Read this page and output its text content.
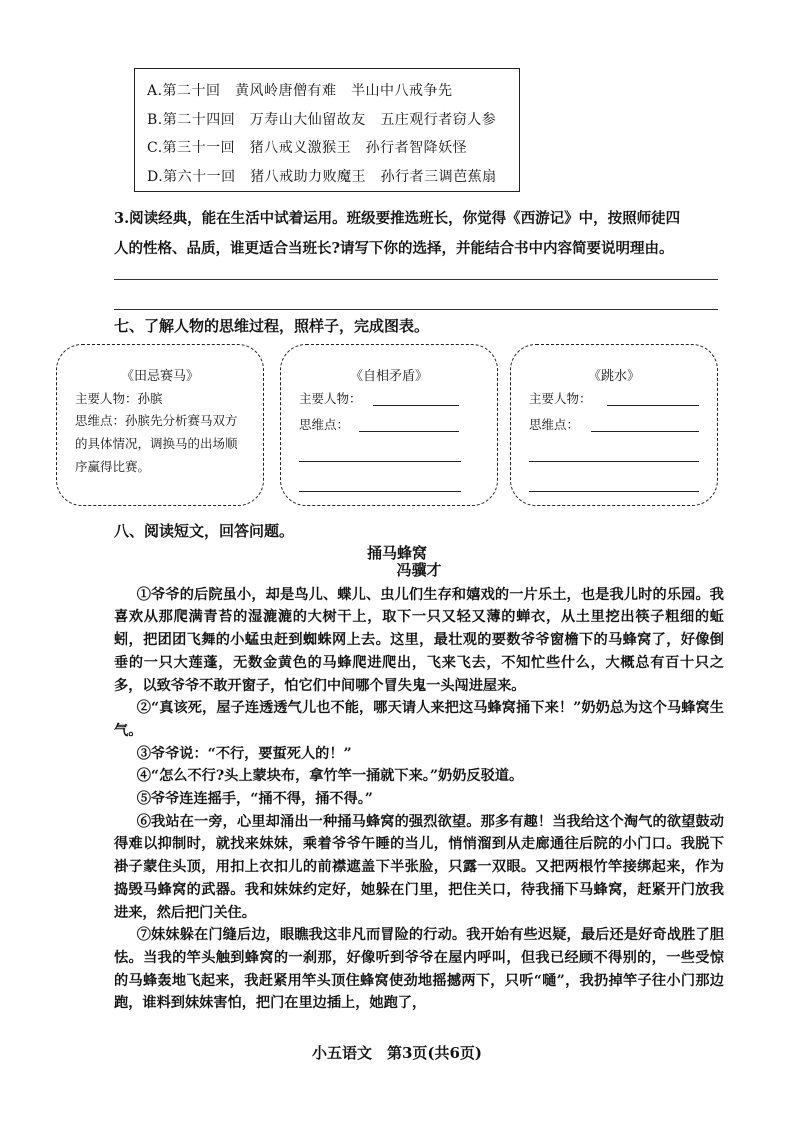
A.第二十回　黄风岭唐僧有难　半山中八戒争先
B.第二十四回　万寿山大仙留故友　五庄观行者窃人参
C.第三十一回　猪八戒义激猴王　孙行者智降妖怪
D.第六十一回　猪八戒助力败魔王　孙行者三调芭蕉扇
3.阅读经典，能在生活中试着运用。班级要推选班长，你觉得《西游记》中，按照师徒四
人的性格、品质，谁更适合当班长?请写下你的选择，并能结合书中内容简要说明理由。
七、了解人物的思维过程，照样子，完成图表。
《田忌赛马》
主要人物：孙膑
思维点：孙膑先分析赛马双方的具体情况，调换马的出场顺序赢得比赛。
《自相矛盾》
主要人物：
思维点：
《跳水》
主要人物：
思维点：
八、阅读短文，回答问题。
捅马蜂窝
冯骥才

①爷爷的后院虽小，却是鸟儿、蝶儿、虫儿们生存和嬉戏的一片乐土，也是我儿时的乐园。我喜欢从那爬满青苔的湿漉漉的大树干上，取下一只又轻又薄的蝉衣，从土里挖出筷子粗细的蚯蚓，把团团飞舞的小蜢虫赶到蜘蛛网上去。这里，最壮观的要数爷爷窗檐下的马蜂窝了，好像倒垂的一只大莲蓬，无数金黄色的马蜂爬进爬出，飞来飞去，不知忙些什么，大概总有百十只之多，以致爷爷不敢开窗子，怕它们中间哪个冒失鬼一头闯进屋来。

②“真该死，屋子连透透气儿也不能，哪天请人来把这马蜂窝捅下来！”奶奶总为这个马蜂窝生气。

③爷爷说：“不行，要蜇死人的！”

④“怎么不行?头上蒙块布，拿竹竿一捅就下来。”奶奶反驳道。

⑤爷爷连连摇手，“捅不得，捅不得。”

⑥我站在一旁，心里却涌出一种捅马蜂窝的强烈欲望。那多有趣！当我给这个淘气的欲望鼓动得难以抑制时，就找来妹妹，乘着爷爷午睡的当儿，悄悄溜到从走廊通往后院的小门口。我脱下褂子蒙住头顶，用扣上衣扣儿的前襟遮盖下半张脸，只露一双眼。又把两根竹竿接绑起来，作为捣毁马蜂窝的武器。我和妹妹约定好，她躲在门里，把住关口，待我捅下马蜂窝，赶紧开门放我进来，然后把门关住。

⑦妹妹躲在门缝后边，眼瞧我这非凡而冒险的行动。我开始有些迟疑，最后还是好奇战胜了胆怯。当我的竿头触到蜂窝的一刹那，好像听到爷爷在屋内呼叫，但我已经顾不得别的，一些受惊的马蜂轰地飞起来，我赶紧用竿头顶住蜂窝使劲地摇撼两下，只听“嗵”，我扔掉竿子往小门那边跑，谁料到妹妹害怕，把门在里边插上，她跑了，

小五语文　第3页(共6页)
